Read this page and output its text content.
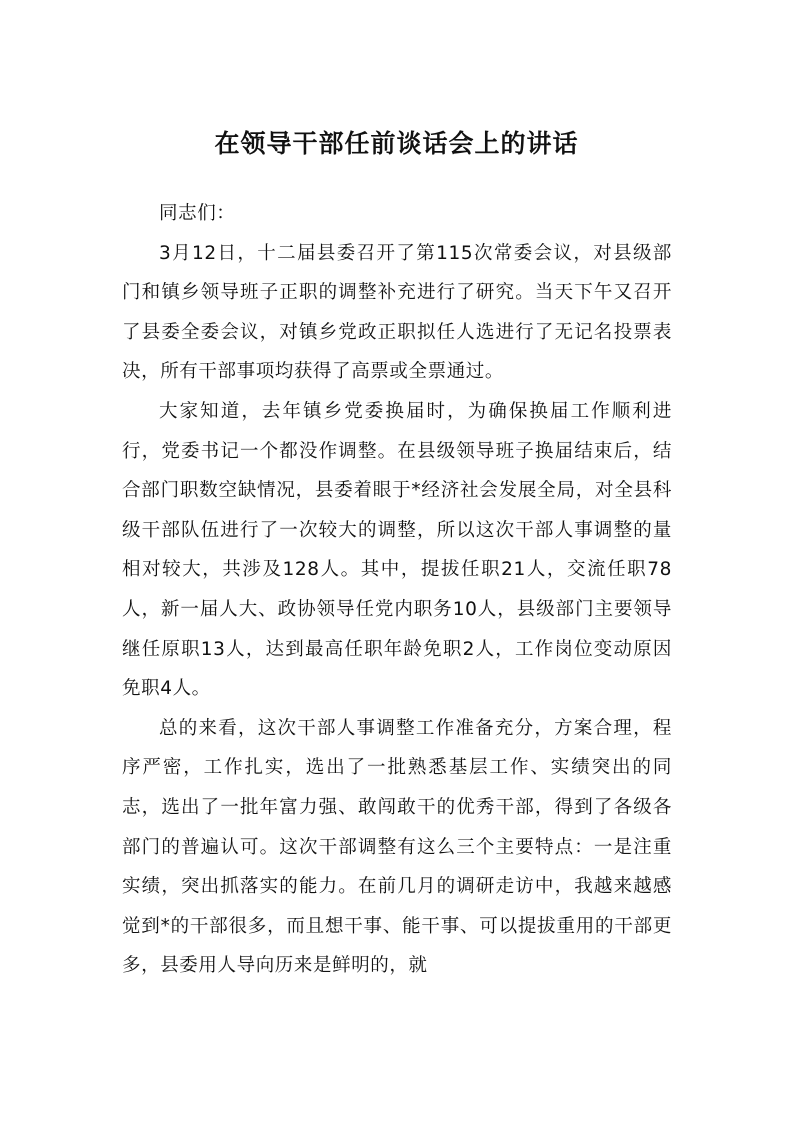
在领导干部任前谈话会上的讲话

同志们：

3月12日，十二届县委召开了第115次常委会议，对县级部门和镇乡领导班子正职的调整补充进行了研究。当天下午又召开了县委全委会议，对镇乡党政正职拟任人选进行了无记名投票表决，所有干部事项均获得了高票或全票通过。

大家知道，去年镇乡党委换届时，为确保换届工作顺利进行，党委书记一个都没作调整。在县级领导班子换届结束后，结合部门职数空缺情况，县委着眼于*经济社会发展全局，对全县科级干部队伍进行了一次较大的调整，所以这次干部人事调整的量相对较大，共涉及128人。其中，提拔任职21人，交流任职78人，新一届人大、政协领导任党内职务10人，县级部门主要领导继任原职13人，达到最高任职年龄免职2人，工作岗位变动原因免职4人。

总的来看，这次干部人事调整工作准备充分，方案合理，程序严密，工作扎实，选出了一批熟悉基层工作、实绩突出的同志，选出了一批年富力强、敢闯敢干的优秀干部，得到了各级各部门的普遍认可。这次干部调整有这么三个主要特点：一是注重实绩，突出抓落实的能力。在前几月的调研走访中，我越来越感觉到*的干部很多，而且想干事、能干事、可以提拔重用的干部更多，县委用人导向历来是鲜明的，就
